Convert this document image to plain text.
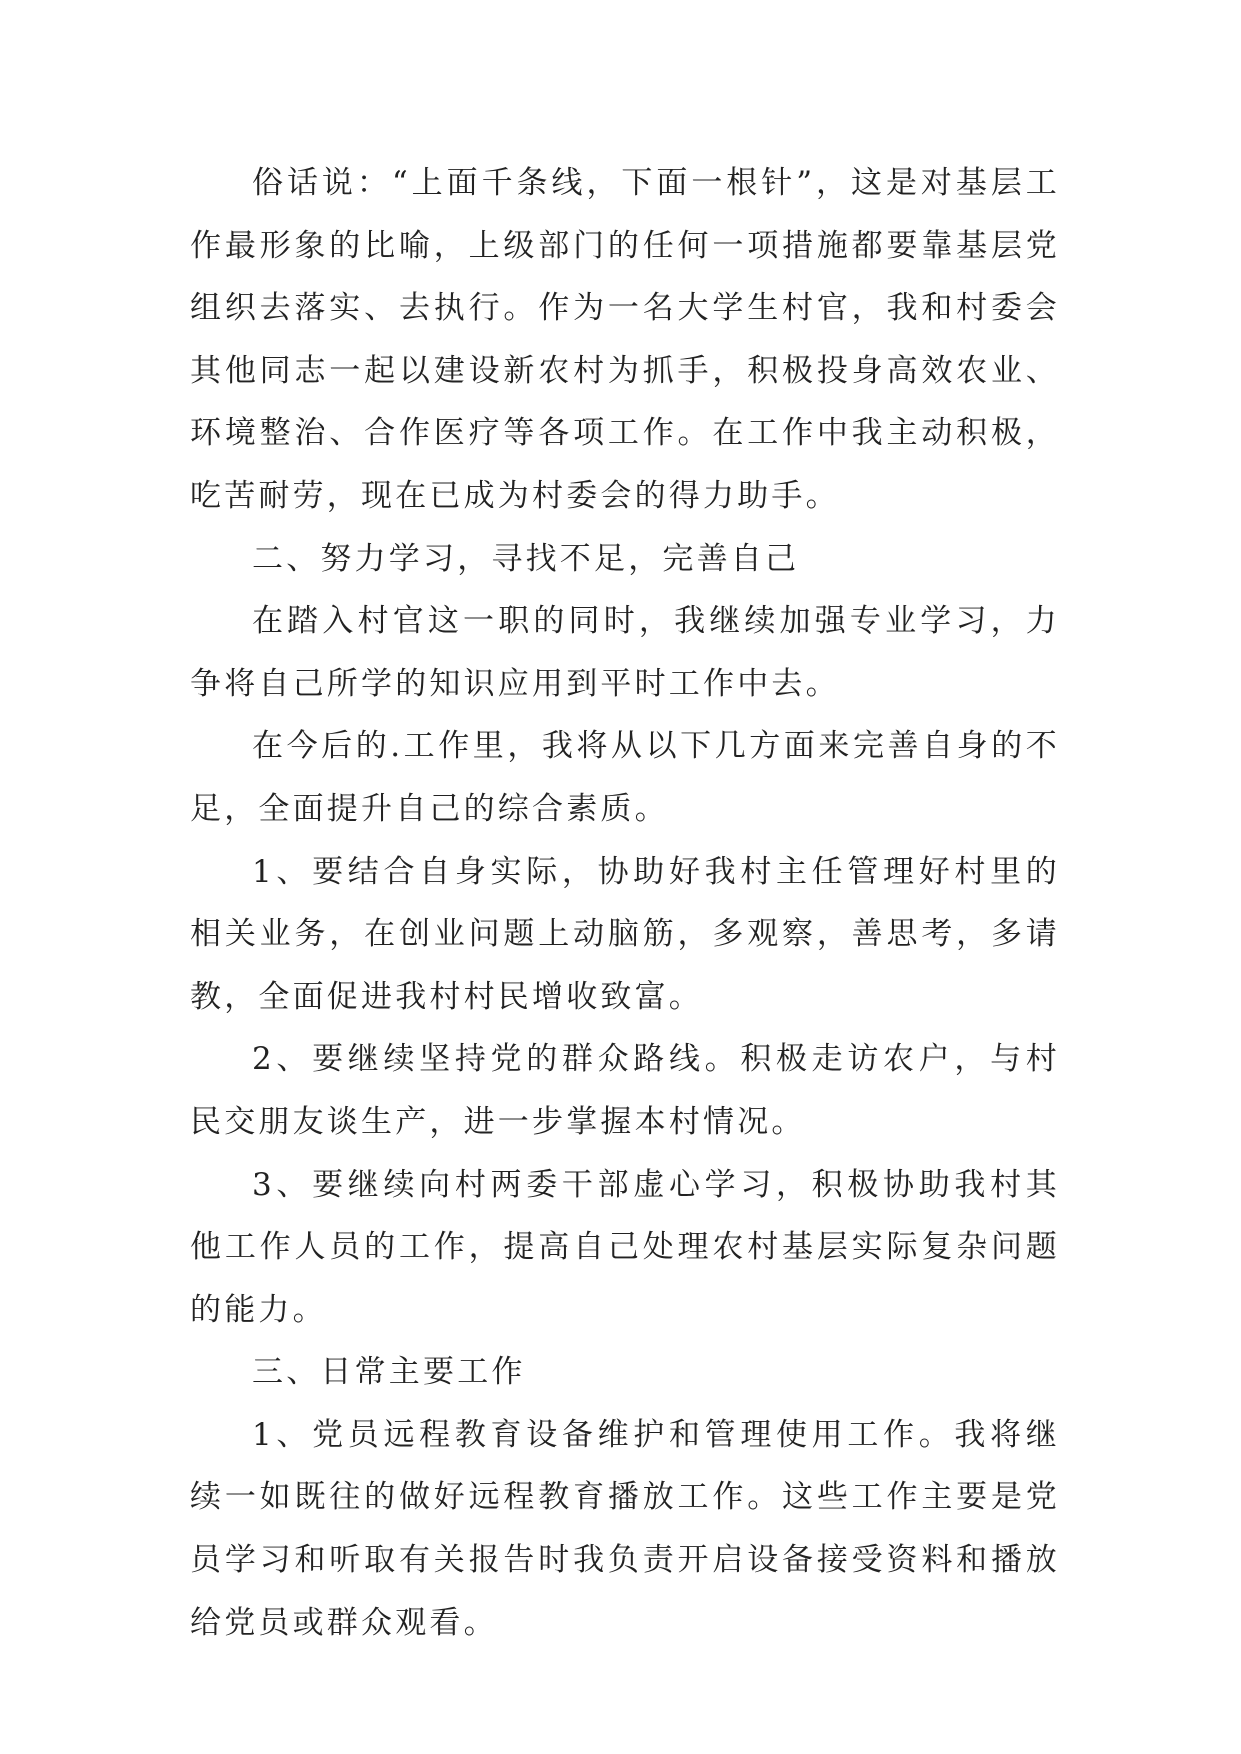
俗话说：“上面千条线，下面一根针”，这是对基层工作最形象的比喻，上级部门的任何一项措施都要靠基层党组织去落实、去执行。作为一名大学生村官，我和村委会其他同志一起以建设新农村为抓手，积极投身高效农业、环境整治、合作医疗等各项工作。在工作中我主动积极，吃苦耐劳，现在已成为村委会的得力助手。

二、努力学习，寻找不足，完善自己

在踏入村官这一职的同时，我继续加强专业学习，力争将自己所学的知识应用到平时工作中去。

在今后的.工作里，我将从以下几方面来完善自身的不足，全面提升自己的综合素质。

1、要结合自身实际，协助好我村主任管理好村里的相关业务，在创业问题上动脑筋，多观察，善思考，多请教，全面促进我村村民增收致富。

2、要继续坚持党的群众路线。积极走访农户，与村民交朋友谈生产，进一步掌握本村情况。

3、要继续向村两委干部虚心学习，积极协助我村其他工作人员的工作，提高自己处理农村基层实际复杂问题的能力。

三、日常主要工作

1、党员远程教育设备维护和管理使用工作。我将继续一如既往的做好远程教育播放工作。这些工作主要是党员学习和听取有关报告时我负责开启设备接受资料和播放给党员或群众观看。
